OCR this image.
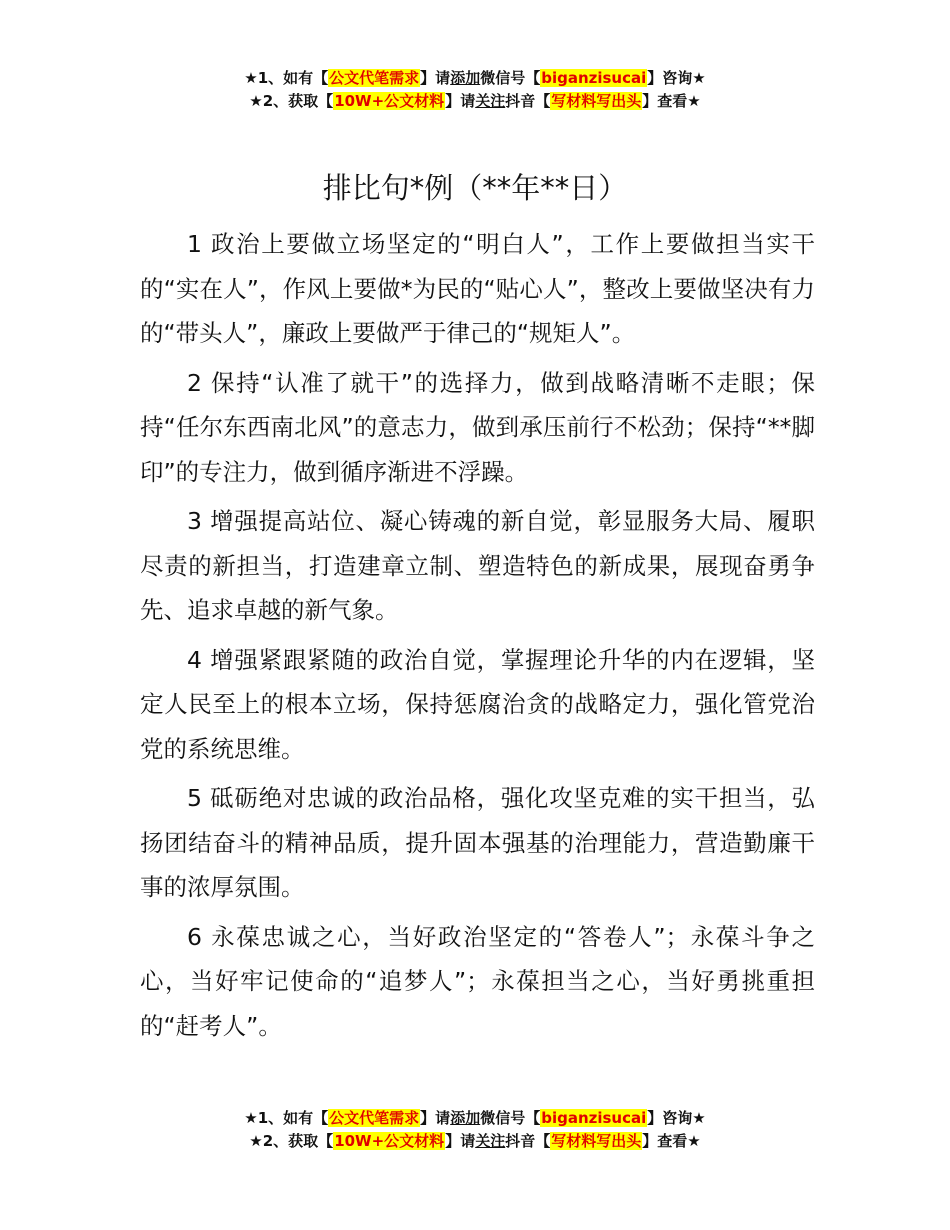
★1、如有【公文代笔需求】请添加微信号【biganzisucai】咨询★
★2、获取【10W+公文材料】请关注抖音【写材料写出头】查看★
排比句*例（**年**日）

1 政治上要做立场坚定的“明白人”，工作上要做担当实干的“实在人”，作风上要做*为民的“贴心人”，整改上要做坚决有力的“带头人”，廉政上要做严于律己的“规矩人”。

2 保持“认准了就干”的选择力，做到战略清晰不走眼；保持“任尔东西南北风”的意志力，做到承压前行不松劲；保持“**脚印”的专注力，做到循序渐进不浮躁。

3 增强提高站位、凝心铸魂的新自觉，彰显服务大局、履职尽责的新担当，打造建章立制、塑造特色的新成果，展现奋勇争先、追求卓越的新气象。

4 增强紧跟紧随的政治自觉，掌握理论升华的内在逻辑，坚定人民至上的根本立场，保持惩腐治贪的战略定力，强化管党治党的系统思维。

5 砥砺绝对忠诚的政治品格，强化攻坚克难的实干担当，弘扬团结奋斗的精神品质，提升固本强基的治理能力，营造勤廉干事的浓厚氛围。

6 永葆忠诚之心，当好政治坚定的“答卷人”；永葆斗争之心，当好牢记使命的“追梦人”；永葆担当之心，当好勇挑重担的“赶考人”。

★1、如有【公文代笔需求】请添加微信号【biganzisucai】咨询★
★2、获取【10W+公文材料】请关注抖音【写材料写出头】查看★
